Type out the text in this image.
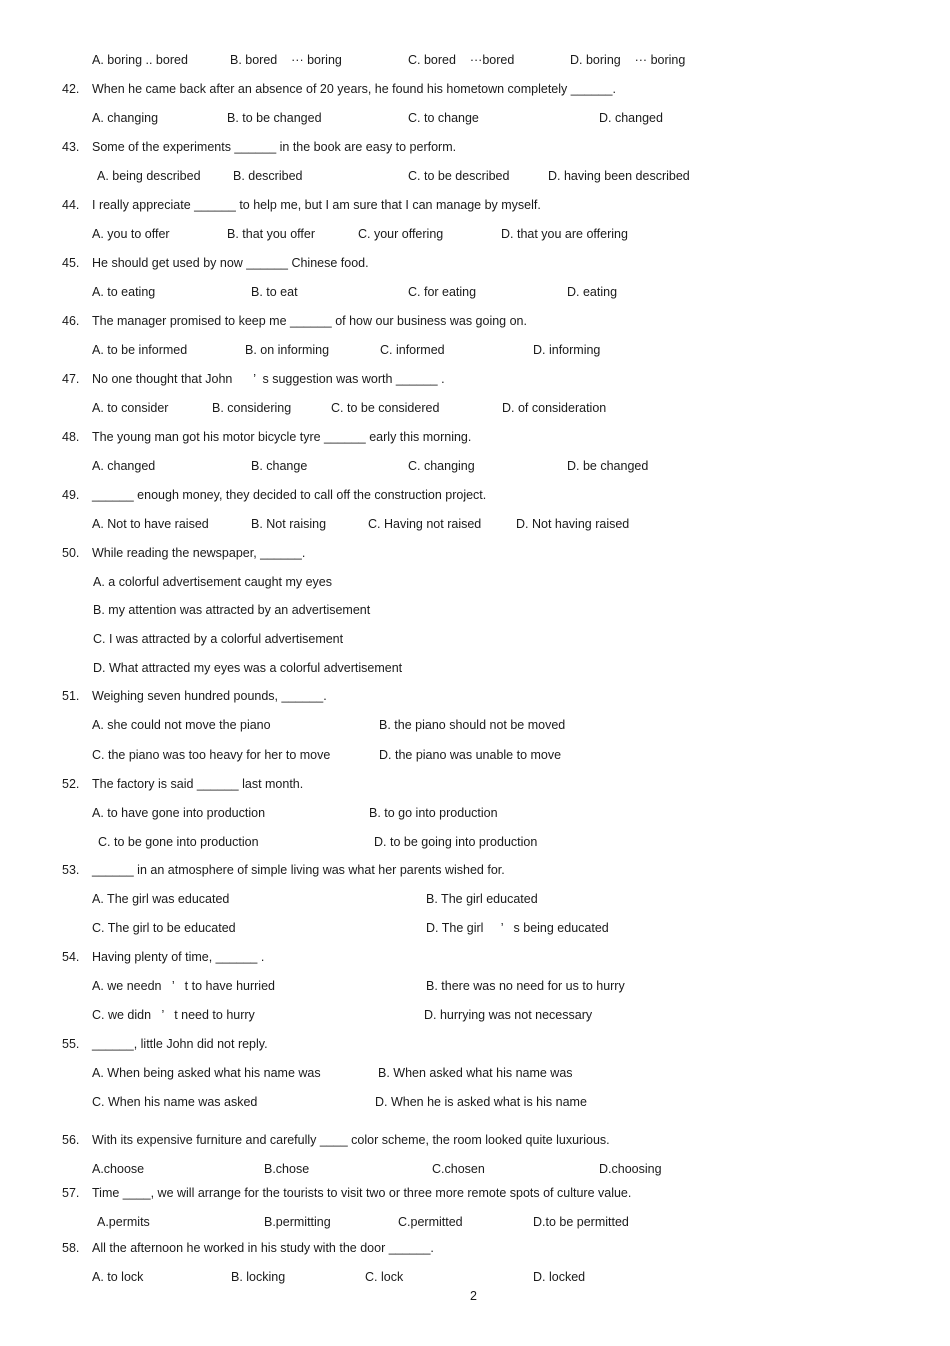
A. boring .. bored	B. bored    ··· boring	C. bored    ···bored	D. boring    ··· boring
42. When he came back after an absence of 20 years, he found his hometown completely ______.
A. changing	B. to be changed	C. to change	D. changed
43. Some of the experiments ______ in the book are easy to perform.
A. being described	B. described	C. to be described	D. having been described
44. I really appreciate ______ to help me, but I am sure that I can manage by myself.
A. you to offer	B. that you offer	C. your offering	D. that you are offering
45. He should get used by now ______ Chinese food.
A. to eating	B. to eat	C. for eating	D. eating
46. The manager promised to keep me ______ of how our business was going on.
A. to be informed	B. on informing	C. informed	D. informing
47. No one thought that John      ’  s suggestion was worth ______ .
A. to consider	B. considering	C. to be considered	D. of consideration
48. The young man got his motor bicycle tyre ______ early this morning.
A. changed	B. change	C. changing	D. be changed
49. ______ enough money, they decided to call off the construction project.
A. Not to have raised	B. Not raising	C. Having not raised	D. Not having raised
50. While reading the newspaper, ______.
A. a colorful advertisement caught my eyes
B. my attention was attracted by an advertisement
C. I was attracted by a colorful advertisement
D. What attracted my eyes was a colorful advertisement
51. Weighing seven hundred pounds, ______.
A. she could not move the piano	B. the piano should not be moved
C. the piano was too heavy for her to move	D. the piano was unable to move
52. The factory is said ______ last month.
A. to have gone into production	B. to go into production
C. to be gone into production	D. to be going into production
53. ______ in an atmosphere of simple living was what her parents wished for.
A. The girl was educated	B. The girl educated
C. The girl to be educated	D. The girl     ’   s being educated
54. Having plenty of time, ______ .
A. we needn   ’   t to have hurried	B. there was no need for us to hurry
C. we didn   ’   t need to hurry	D. hurrying was not necessary
55. ______, little John did not reply.
A. When being asked what his name was	B. When asked what his name was
C. When his name was asked	D. When he is asked what is his name
56. With its expensive furniture and carefully ____ color scheme, the room looked quite luxurious.
A.choose	B.chose	C.chosen	D.choosing
57. Time ____, we will arrange for the tourists to visit two or three more remote spots of culture value.
A.permits	B.permitting	C.permitted	D.to be permitted
58. All the afternoon he worked in his study with the door ______.
A. to lock	B. locking	C. lock	D. locked
2
